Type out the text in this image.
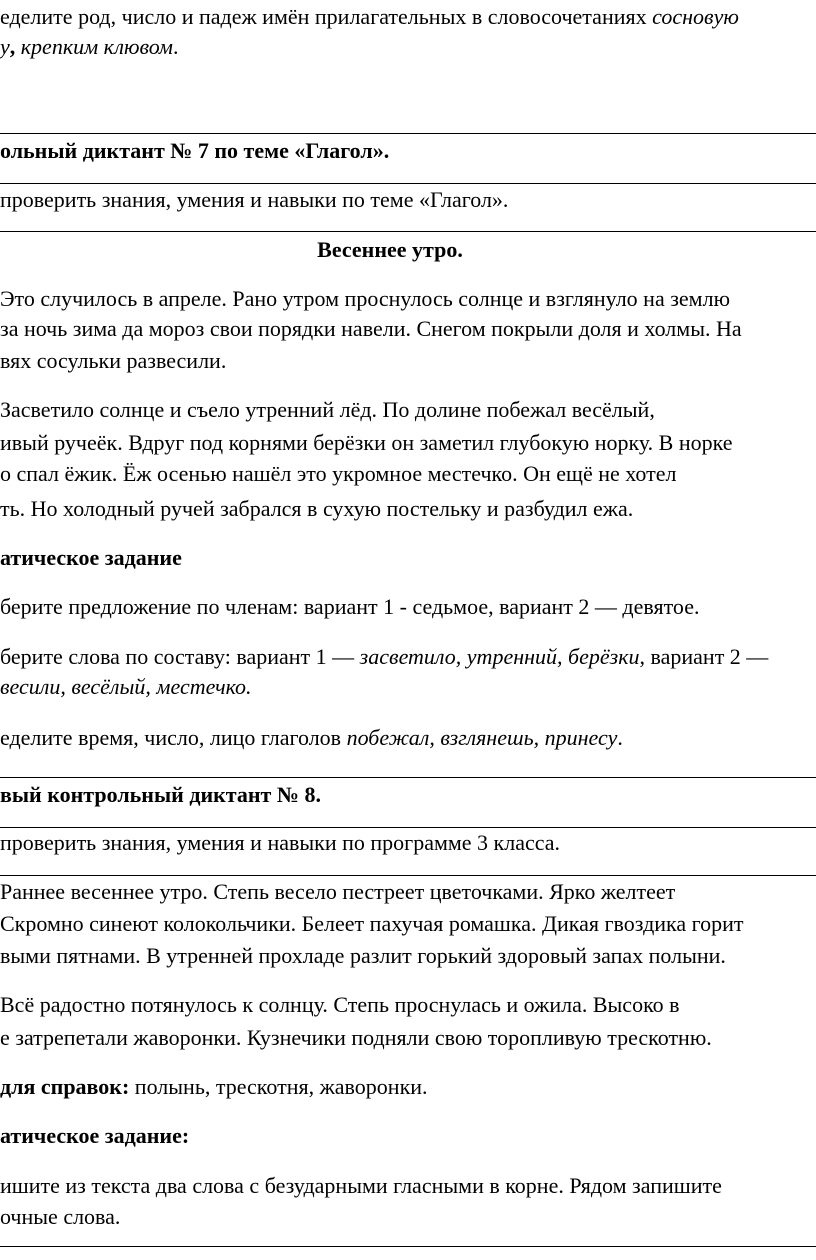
еделите род, число и падеж имён прилагательных в словосочетаниях сосновую
у, крепким клювом.
ольный диктант № 7 по теме «Глагол».
проверить знания, умения и навыки по теме «Глагол».
Весеннее утро.
Это случилось в апреле. Рано утром проснулось солнце и взглянуло на землю
за ночь зима да мороз свои порядки навели. Снегом покрыли доля и холмы. На
вях сосульки развесили.
Засветило солнце и съело утренний лёд. По долине побежал весёлый,
ивый ручеёк. Вдруг под корнями берёзки он заметил глубокую норку. В норке
о спал ёжик. Ёж осенью нашёл это укромное местечко. Он ещё не хотел
ть. Но холодный ручей забрался в сухую постельку и разбудил ежа.
атическое задание
берите предложение по членам: вариант 1 - седьмое, вариант 2 — девятое.
берите слова по составу: вариант 1 — засветило, утренний, берёзки, вариант 2 —
весили, весёлый, местечко.
еделите время, число, лицо глаголов побежал, взглянешь, принесу.
вый контрольный диктант № 8.
проверить знания, умения и навыки по программе 3 класса.
Раннее весеннее утро. Степь весело пестреет цветочками. Ярко желтеет
Скромно синеют колокольчики. Белеет пахучая ромашка. Дикая гвоздика горит
выми пятнами. В утренней прохладе разлит горький здоровый запах полыни.
Всё радостно потянулось к солнцу. Степь проснулась и ожила. Высоко в
е затрепетали жаворонки. Кузнечики подняли свою торопливую трескотню.
для справок: полынь, трескотня, жаворонки.
атическое задание:
ишите из текста два слова с безударными гласными в корне. Рядом запишите
очные слова.
